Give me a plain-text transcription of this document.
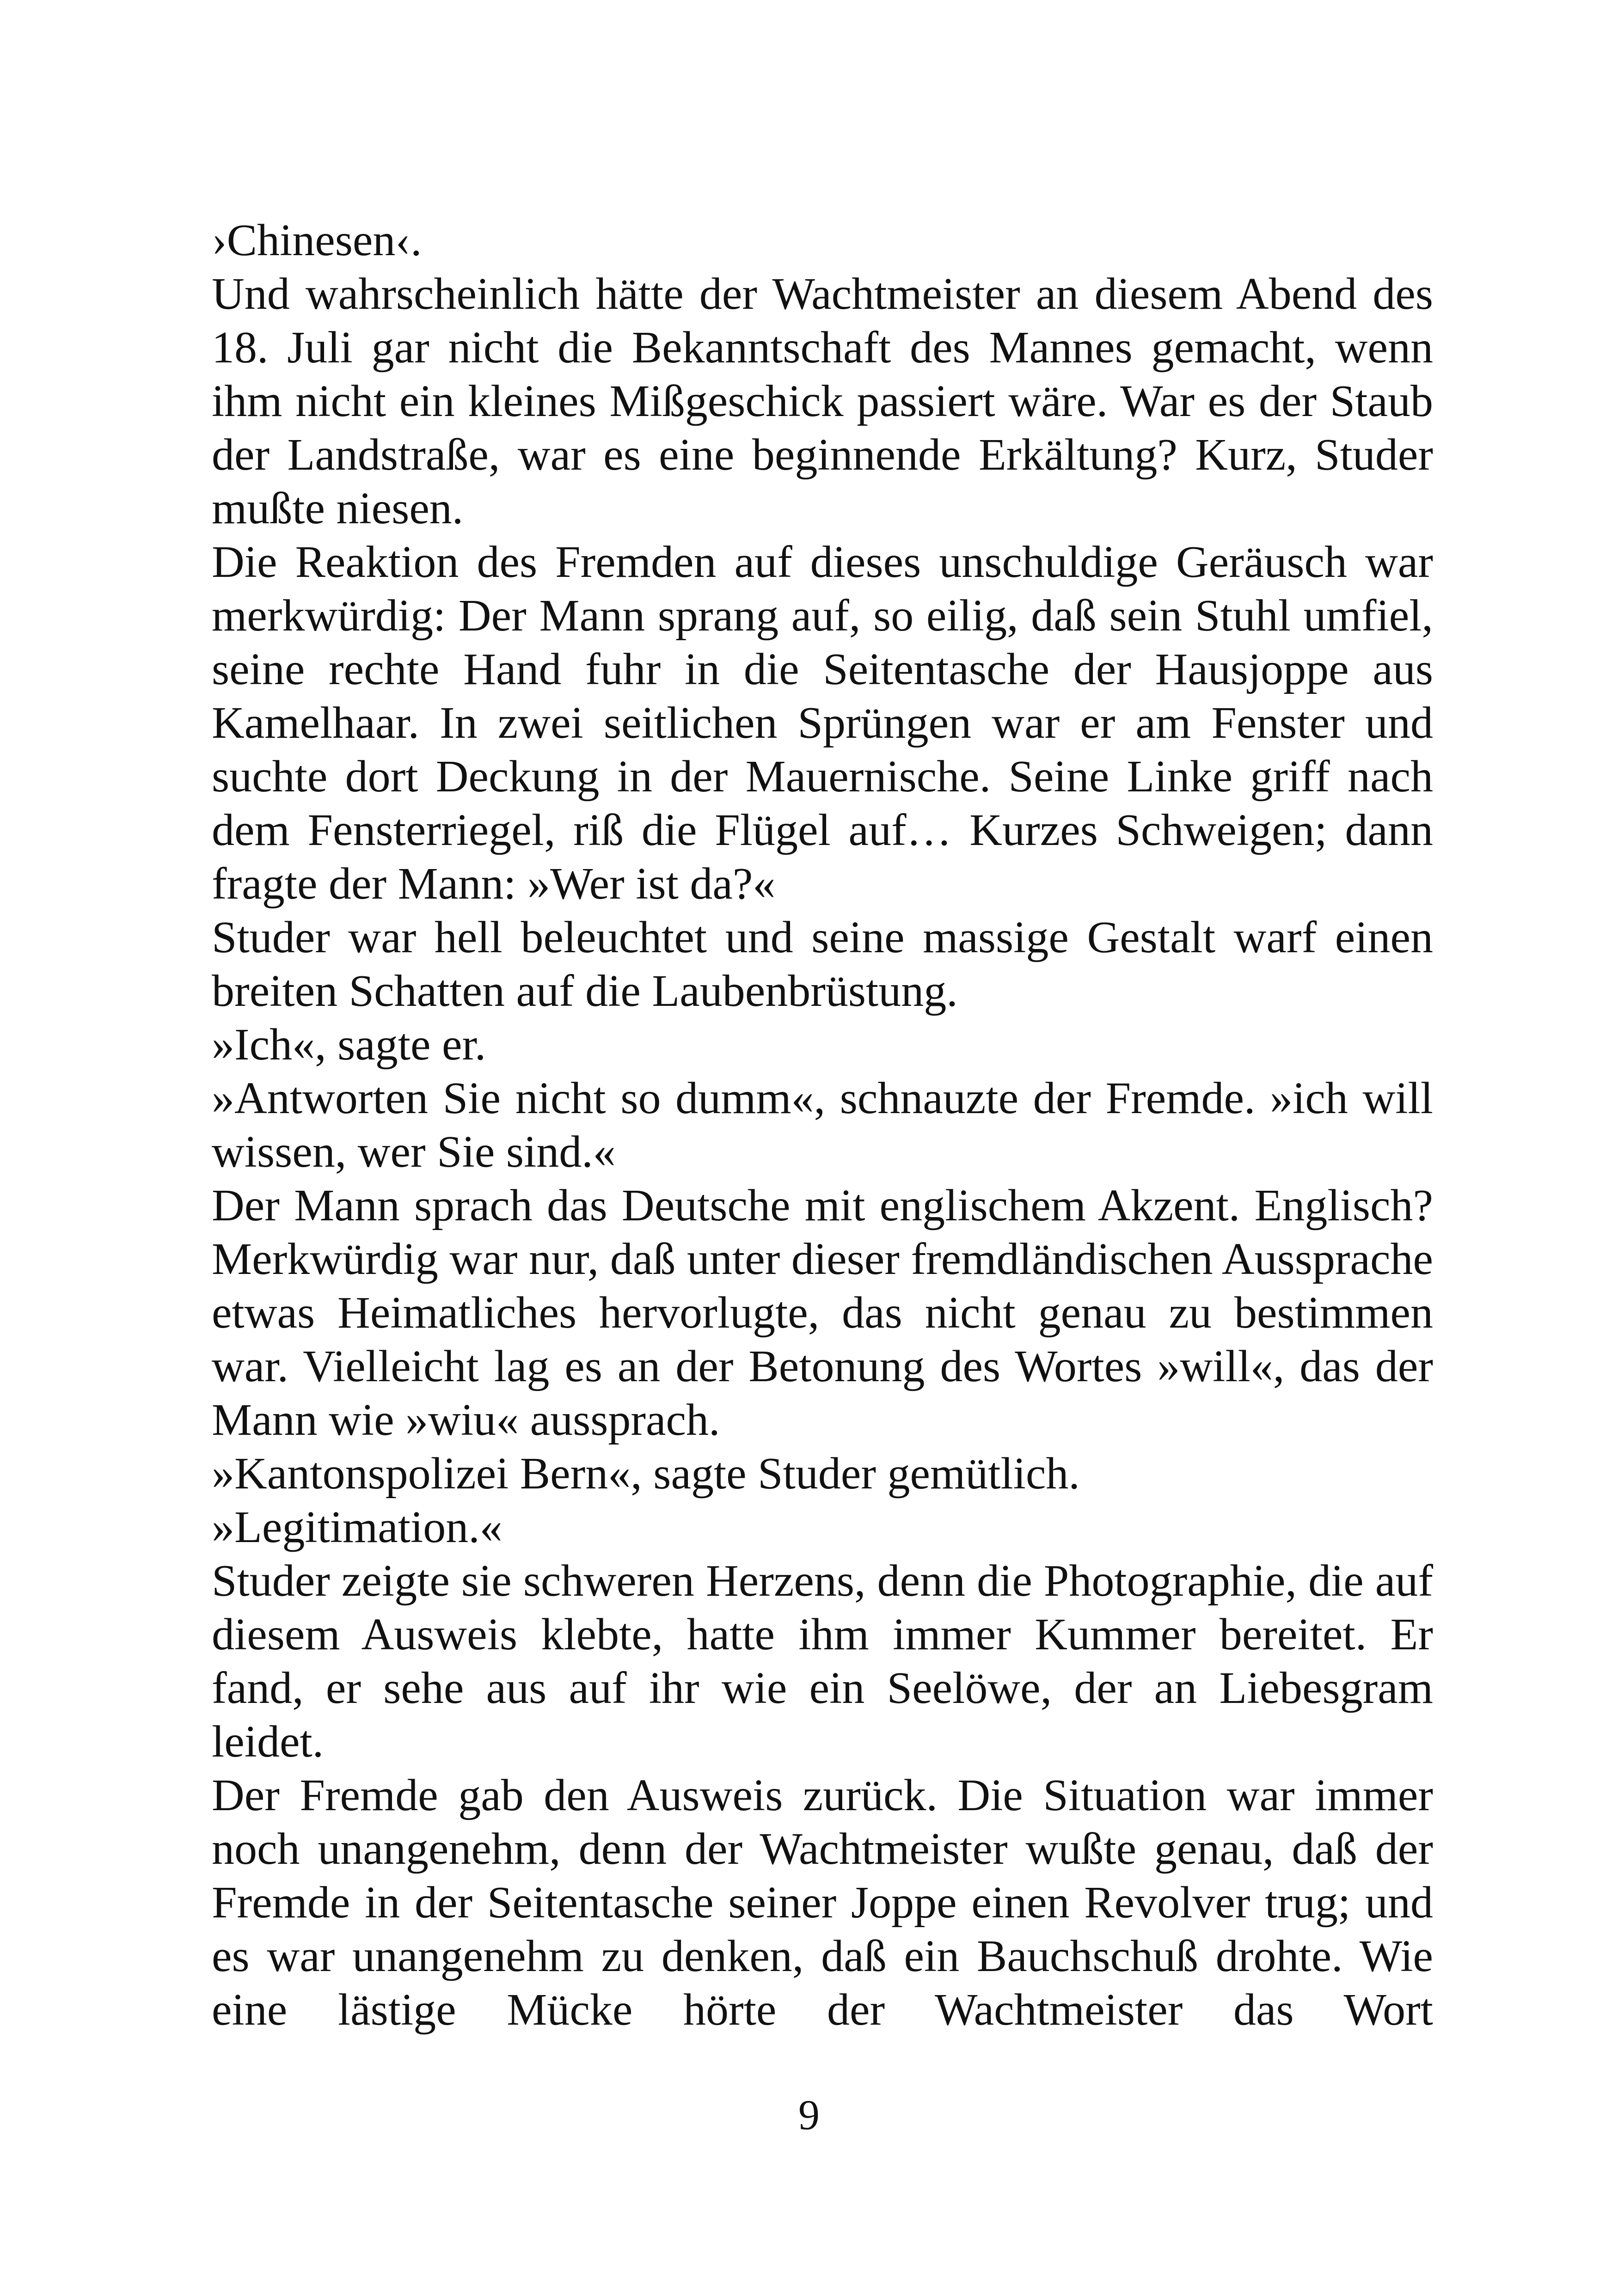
›Chinesen‹.

Und wahrscheinlich hätte der Wachtmeister an diesem Abend des 18. Juli gar nicht die Bekanntschaft des Mannes gemacht, wenn ihm nicht ein kleines Mißgeschick passiert wäre. War es der Staub der Landstraße, war es eine beginnende Erkältung? Kurz, Studer mußte niesen.

Die Reaktion des Fremden auf dieses unschuldige Geräusch war merkwürdig: Der Mann sprang auf, so eilig, daß sein Stuhl umfiel, seine rechte Hand fuhr in die Seitentasche der Hausjoppe aus Kamelhaar. In zwei seitlichen Sprüngen war er am Fenster und suchte dort Deckung in der Mauernische. Seine Linke griff nach dem Fensterriegel, riß die Flügel auf… Kurzes Schweigen; dann fragte der Mann: »Wer ist da?«

Studer war hell beleuchtet und seine massige Gestalt warf einen breiten Schatten auf die Laubenbrüstung.

»Ich«, sagte er.

»Antworten Sie nicht so dumm«, schnauzte der Fremde. »ich will wissen, wer Sie sind.«

Der Mann sprach das Deutsche mit englischem Akzent. Englisch? Merkwürdig war nur, daß unter dieser fremdländischen Aussprache etwas Heimatliches hervorlugte, das nicht genau zu bestimmen war. Vielleicht lag es an der Betonung des Wortes »will«, das der Mann wie »wiu« aussprach.

»Kantonspolizei Bern«, sagte Studer gemütlich.

»Legitimation.«

Studer zeigte sie schweren Herzens, denn die Photographie, die auf diesem Ausweis klebte, hatte ihm immer Kummer bereitet. Er fand, er sehe aus auf ihr wie ein Seelöwe, der an Liebesgram leidet.

Der Fremde gab den Ausweis zurück. Die Situation war immer noch unangenehm, denn der Wachtmeister wußte genau, daß der Fremde in der Seitentasche seiner Joppe einen Revolver trug; und es war unangenehm zu denken, daß ein Bauchschuß drohte. Wie eine lästige Mücke hörte der Wachtmeister das Wort

9
